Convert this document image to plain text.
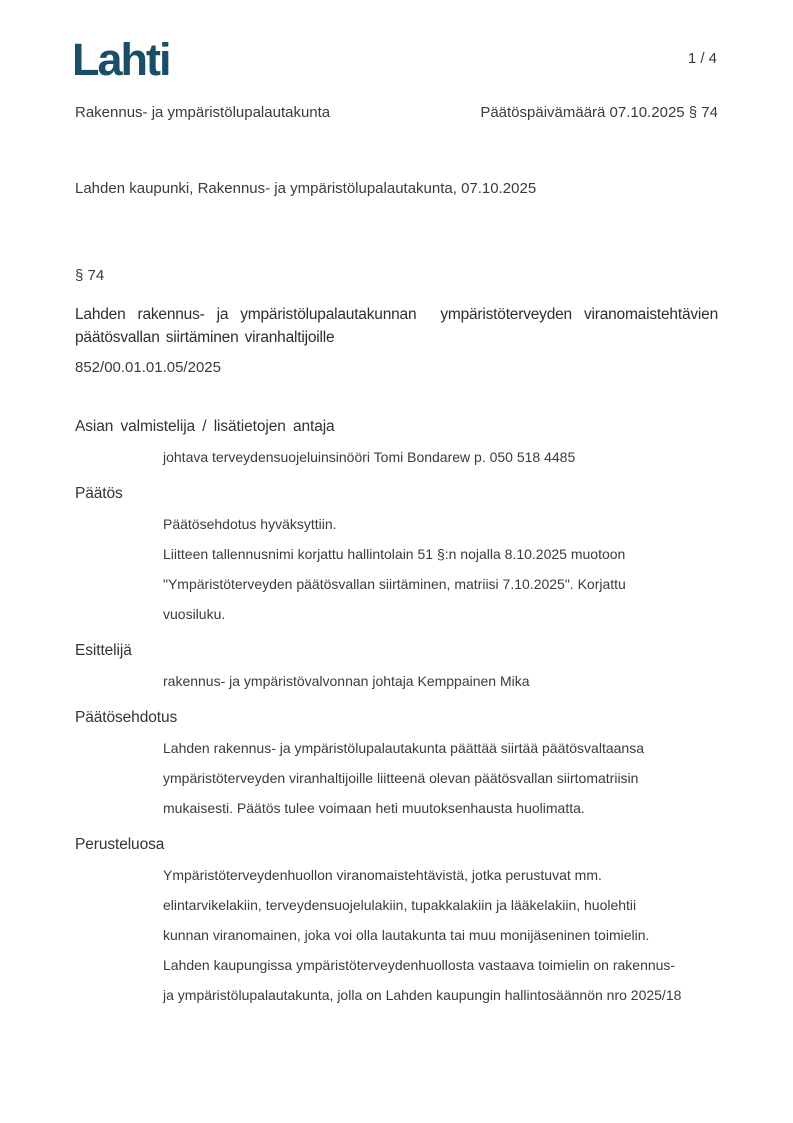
Lahti	1 / 4
Rakennus- ja ympäristölupalautakunta	Päätöspäivämäärä 07.10.2025 § 74
Lahden kaupunki, Rakennus- ja ympäristölupalautakunta, 07.10.2025
§ 74
Lahden rakennus- ja ympäristölupalautakunnan  ympäristöterveyden viranomaistehtävien päätösvallan siirtäminen viranhaltijoille
852/00.01.01.05/2025
Asian valmistelija / lisätietojen antaja
johtava terveydensuojeluinsinööri Tomi Bondarew p. 050 518 4485
Päätös
Päätösehdotus hyväksyttiin.
Liitteen tallennusnimi korjattu hallintolain 51 §:n nojalla 8.10.2025 muotoon
"Ympäristöterveyden päätösvallan siirtäminen, matriisi 7.10.2025". Korjattu
vuosiluku.
Esittelijä
rakennus- ja ympäristövalvonnan johtaja Kemppainen Mika
Päätösehdotus
Lahden rakennus- ja ympäristölupalautakunta päättää siirtää päätösvaltaansa
ympäristöterveyden viranhaltijoille liitteenä olevan päätösvallan siirtomatriisin
mukaisesti. Päätös tulee voimaan heti muutoksenhausta huolimatta.
Perusteluosa
Ympäristöterveydenhuollon viranomaistehtävistä, jotka perustuvat mm.
elintarvikelakiin, terveydensuojelulakiin, tupakkalakiin ja lääkelakiin, huolehtii
kunnan viranomainen, joka voi olla lautakunta tai muu monijäseninen toimielin.
Lahden kaupungissa ympäristöterveydenhuollosta vastaava toimielin on rakennus-
ja ympäristölupalautakunta, jolla on Lahden kaupungin hallintosäännön nro 2025/18
